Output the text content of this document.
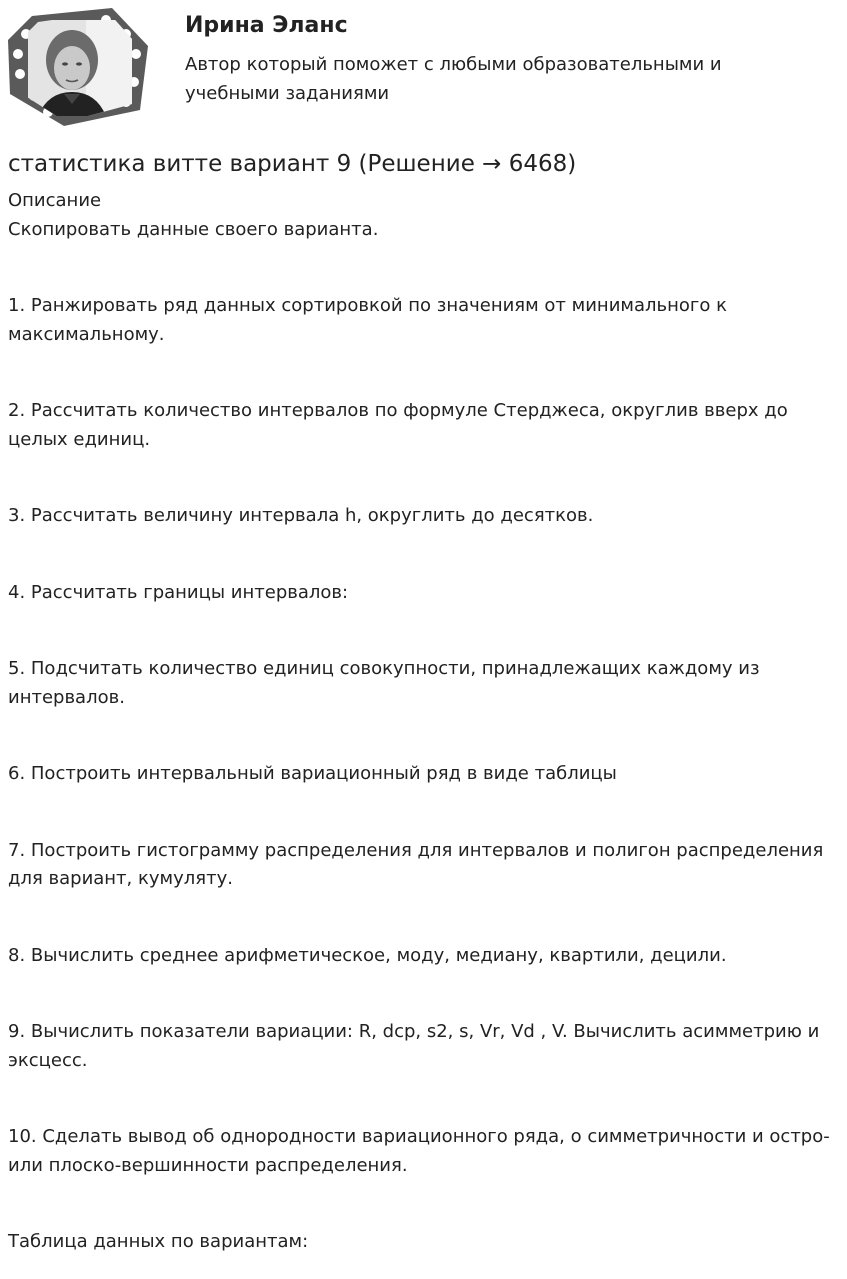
Ирина Эланс
Автор который поможет с любыми образовательными и учебными заданиями
статистика витте вариант 9 (Решение → 6468)

Описание

Скопировать данные своего варианта.

1. Ранжировать ряд данных сортировкой по значениям от минимального к максимальному.

2. Рассчитать количество интервалов по формуле Стерджеса, округлив вверх до целых единиц.

3. Рассчитать величину интервала h, округлить до десятков.

4. Рассчитать границы интервалов:

5. Подсчитать количество единиц совокупности, принадлежащих каждому из интервалов.

6. Построить интервальный вариационный ряд в виде таблицы

7. Построить гистограмму распределения для интервалов и полигон распределения для вариант, кумуляту.

8. Вычислить среднее арифметическое, моду, медиану, квартили, децили.

9. Вычислить показатели вариации: R, dcp, s2, s, Vr, Vd , V. Вычислить асимметрию и эксцесс.

10. Сделать вывод об однородности вариационного ряда, о симметричности и остро- или плоско-вершинности распределения.

Таблица данных по вариантам:
